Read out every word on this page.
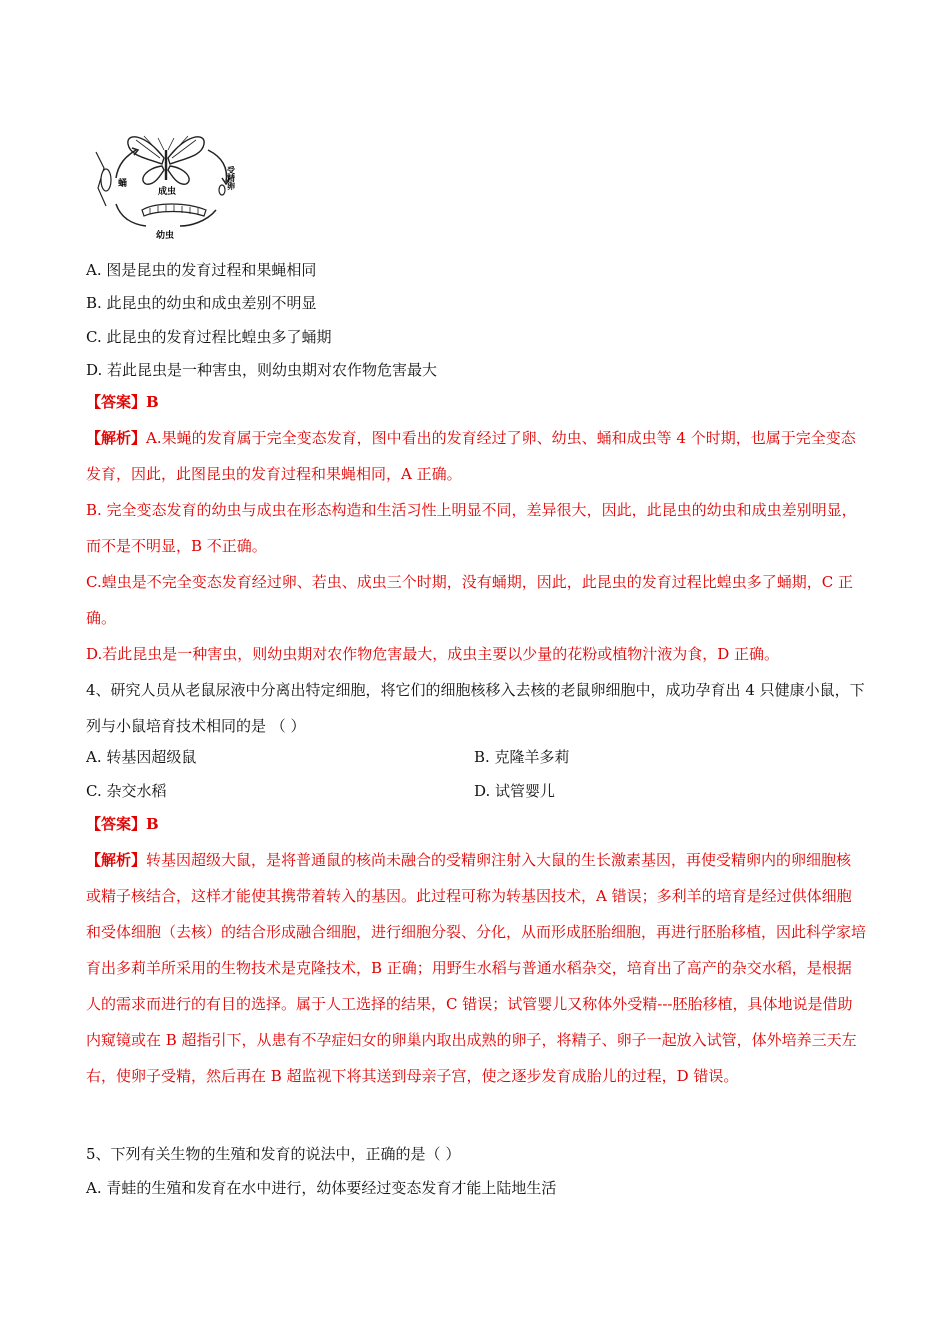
成虫
蛹
幼虫
受精卵
A. 图是昆虫的发育过程和果蝇相同
B. 此昆虫的幼虫和成虫差别不明显
C. 此昆虫的发育过程比蝗虫多了蛹期
D. 若此昆虫是一种害虫，则幼虫期对农作物危害最大
【答案】B
【解析】A.果蝇的发育属于完全变态发育，图中看出的发育经过了卵、幼虫、蛹和成虫等 4 个时期，也属于完全变态发育，因此，此图昆虫的发育过程和果蝇相同，A 正确。
B. 完全变态发育的幼虫与成虫在形态构造和生活习性上明显不同，差异很大，因此，此昆虫的幼虫和成虫差别明显，而不是不明显，B 不正确。
C.蝗虫是不完全变态发育经过卵、若虫、成虫三个时期，没有蛹期，因此，此昆虫的发育过程比蝗虫多了蛹期，C 正确。
D.若此昆虫是一种害虫，则幼虫期对农作物危害最大，成虫主要以少量的花粉或植物汁液为食，D 正确。
4、研究人员从老鼠尿液中分离出特定细胞，将它们的细胞核移入去核的老鼠卵细胞中，成功孕育出 4 只健康小鼠，下列与小鼠培育技术相同的是 （ ）
A. 转基因超级鼠	B. 克隆羊多莉
C. 杂交水稻	D. 试管婴儿
【答案】B
【解析】转基因超级大鼠，是将普通鼠的核尚未融合的受精卵注射入大鼠的生长激素基因，再使受精卵内的卵细胞核或精子核结合，这样才能使其携带着转入的基因。此过程可称为转基因技术，A 错误；多利羊的培育是经过供体细胞和受体细胞（去核）的结合形成融合细胞，进行细胞分裂、分化，从而形成胚胎细胞，再进行胚胎移植，因此科学家培育出多莉羊所采用的生物技术是克隆技术，B 正确；用野生水稻与普通水稻杂交，培育出了高产的杂交水稻，是根据人的需求而进行的有目的选择。属于人工选择的结果，C 错误；试管婴儿又称体外受精---胚胎移植，具体地说是借助内窥镜或在 B 超指引下，从患有不孕症妇女的卵巢内取出成熟的卵子，将精子、卵子一起放入试管，体外培养三天左右，使卵子受精，然后再在 B 超监视下将其送到母亲子宫，使之逐步发育成胎儿的过程，D 错误。
5、下列有关生物的生殖和发育的说法中，正确的是（ ）
A. 青蛙的生殖和发育在水中进行，幼体要经过变态发育才能上陆地生活
